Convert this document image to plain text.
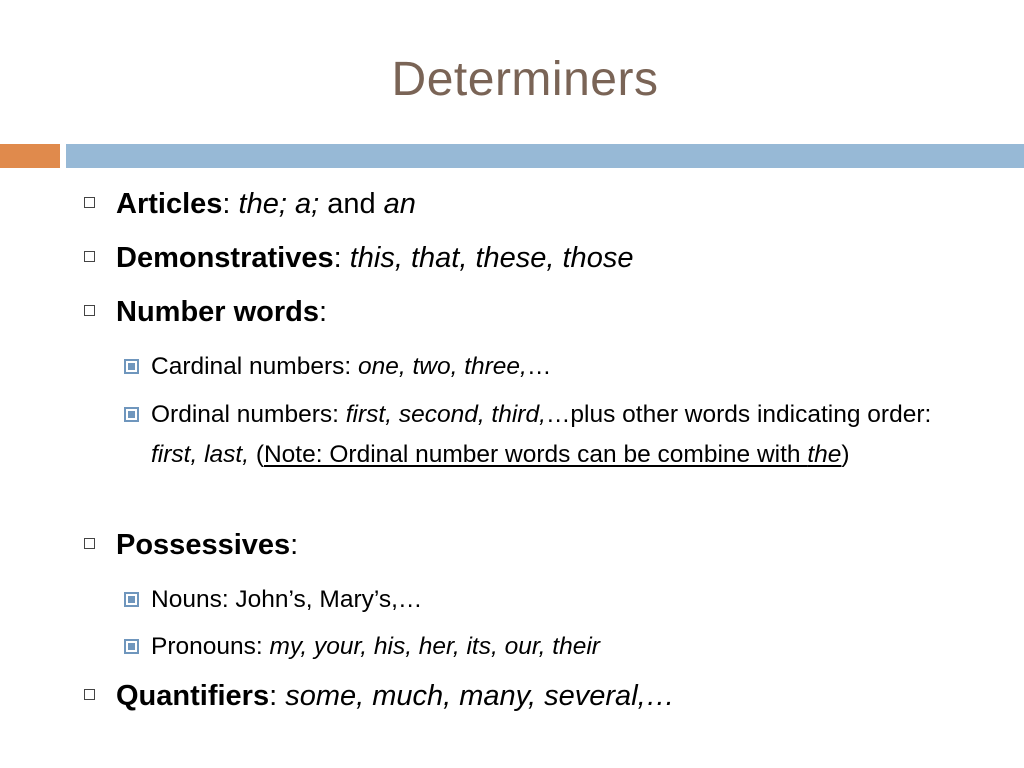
Determiners
Articles: the; a; and an
Demonstratives: this, that, these, those
Number words:
Cardinal numbers: one, two, three,…
Ordinal numbers: first, second, third,…plus other words indicating order: first, last, (Note: Ordinal number words can be combine with the)
Possessives:
Nouns: John’s, Mary’s,…
Pronouns: my, your, his, her, its, our, their
Quantifiers: some, much, many, several,…
